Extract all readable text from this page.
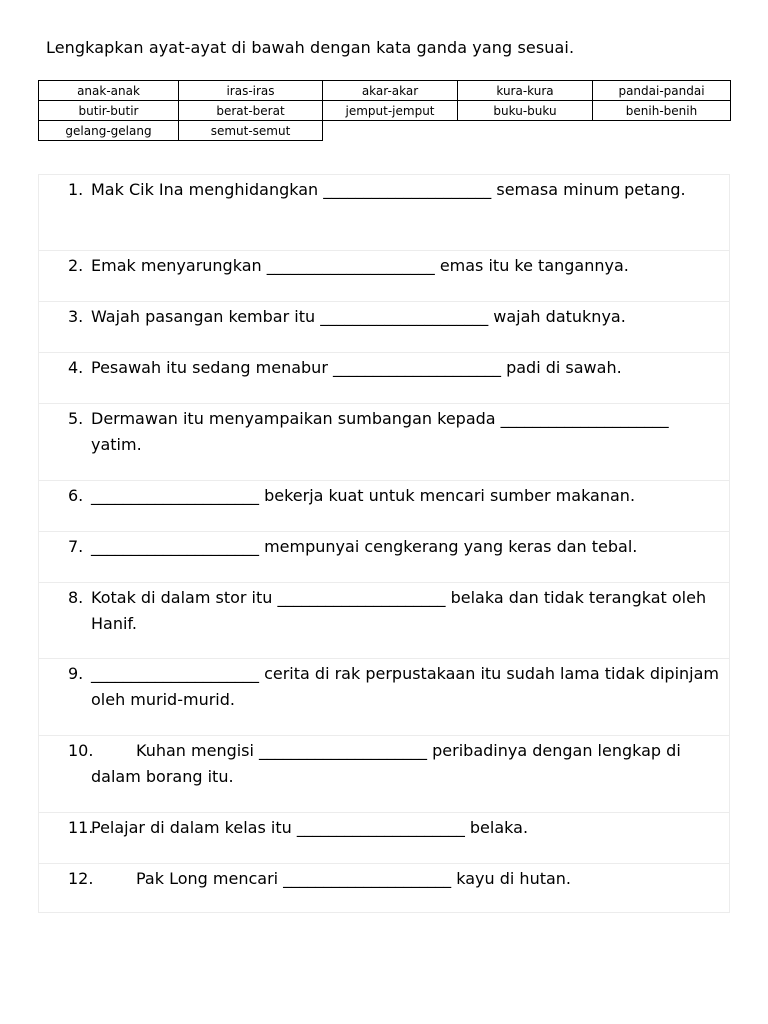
Lengkapkan ayat-ayat di bawah dengan kata ganda yang sesuai.
anak-anak	iras-iras	akar-akar	kura-kura	pandai-pandai
butir-butir	berat-berat	jemput-jemput	buku-buku	benih-benih
gelang-gelang	semut-semut			
1. Mak Cik Ina menghidangkan _____________________ semasa minum petang.
2. Emak menyarungkan _____________________ emas itu ke tangannya.
3. Wajah pasangan kembar itu _____________________ wajah datuknya.
4. Pesawah itu sedang menabur _____________________ padi di sawah.
5. Dermawan itu menyampaikan sumbangan kepada _____________________ yatim.
6. _____________________ bekerja kuat untuk mencari sumber makanan.
7. _____________________ mempunyai cengkerang yang keras dan tebal.
8. Kotak di dalam stor itu _____________________ belaka dan tidak terangkat oleh Hanif.
9. _____________________ cerita di rak perpustakaan itu sudah lama tidak dipinjam oleh murid-murid.
10.	Kuhan mengisi _____________________ peribadinya dengan lengkap di dalam borang itu.
11.
Pelajar di dalam kelas itu _____________________ belaka.
12.	Pak Long mencari _____________________ kayu di hutan.
